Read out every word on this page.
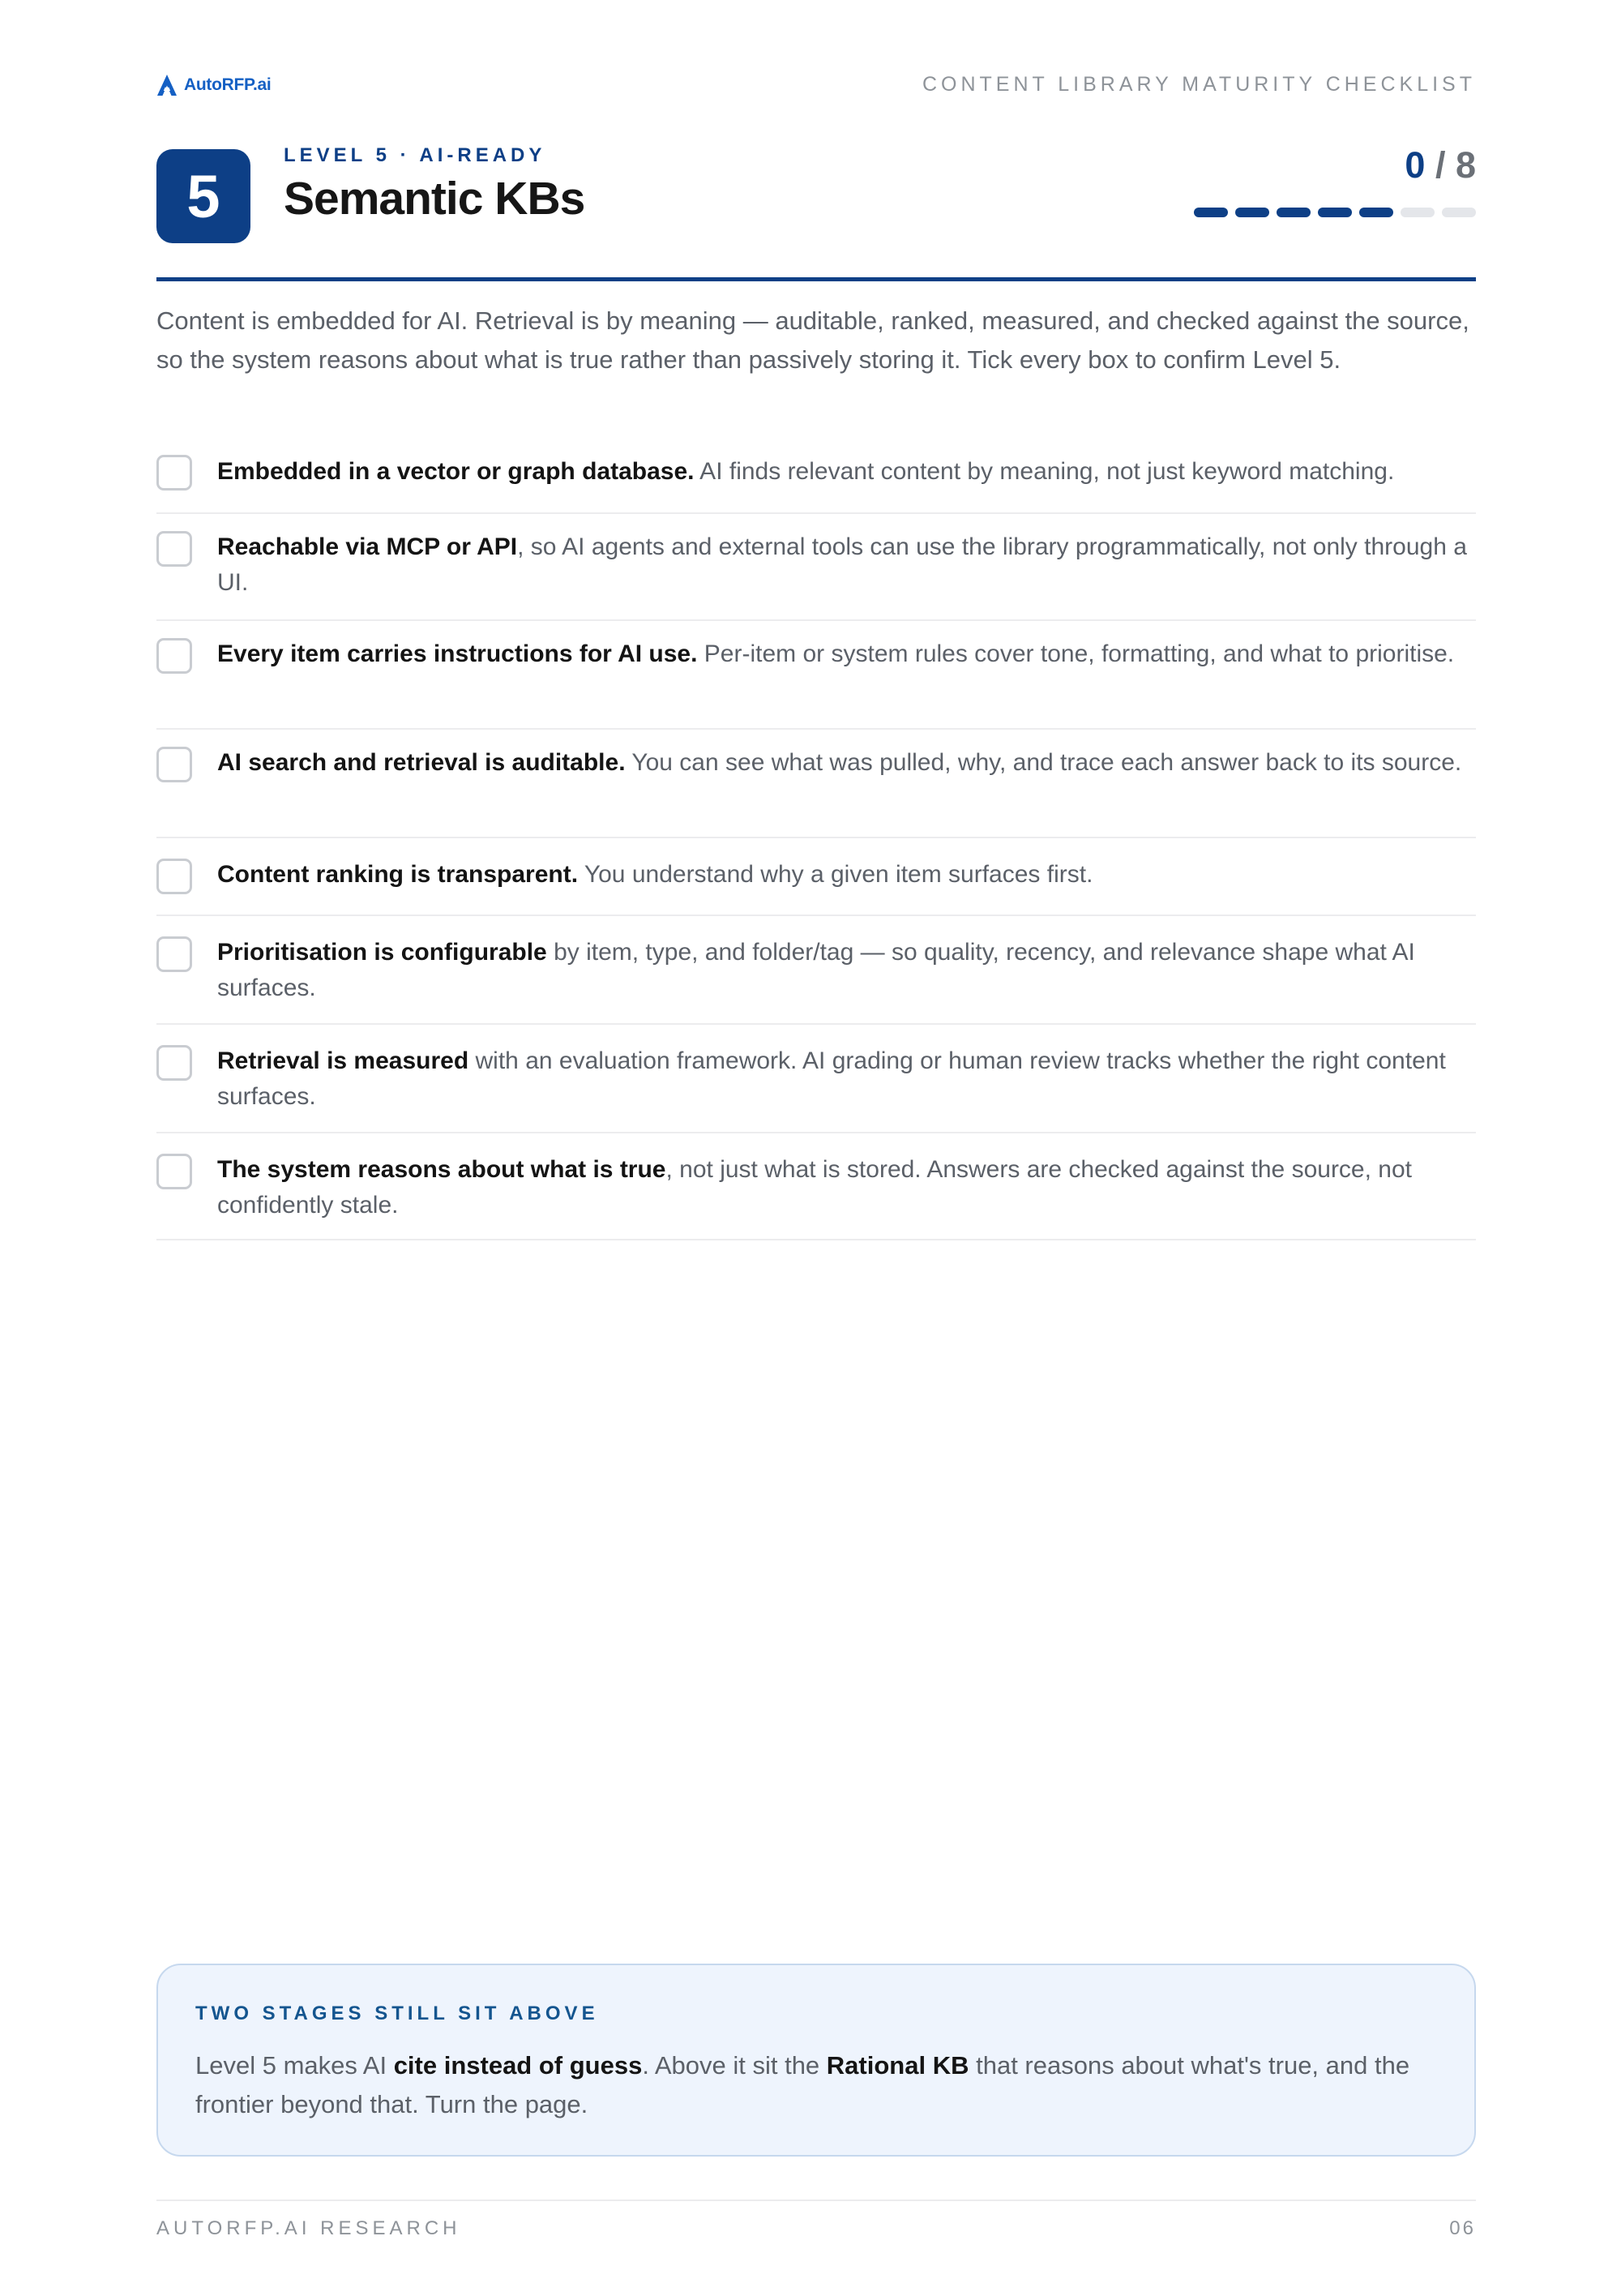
AutoRFP.ai	CONTENT LIBRARY MATURITY CHECKLIST
5
LEVEL 5 · AI-READY
Semantic KBs
0 / 8

Content is embedded for AI. Retrieval is by meaning — auditable, ranked, measured, and checked against the source, so the system reasons about what is true rather than passively storing it. Tick every box to confirm Level 5.

Embedded in a vector or graph database. AI finds relevant content by meaning, not just keyword matching.
Reachable via MCP or API, so AI agents and external tools can use the library programmatically, not only through a UI.
Every item carries instructions for AI use. Per-item or system rules cover tone, formatting, and what to prioritise.
AI search and retrieval is auditable. You can see what was pulled, why, and trace each answer back to its source.
Content ranking is transparent. You understand why a given item surfaces first.
Prioritisation is configurable by item, type, and folder/tag — so quality, recency, and relevance shape what AI surfaces.
Retrieval is measured with an evaluation framework. AI grading or human review tracks whether the right content surfaces.
The system reasons about what is true, not just what is stored. Answers are checked against the source, not confidently stale.
TWO STAGES STILL SIT ABOVE

Level 5 makes AI cite instead of guess. Above it sit the Rational KB that reasons about what's true, and the frontier beyond that. Turn the page.

AUTORFP.AI RESEARCH	06
